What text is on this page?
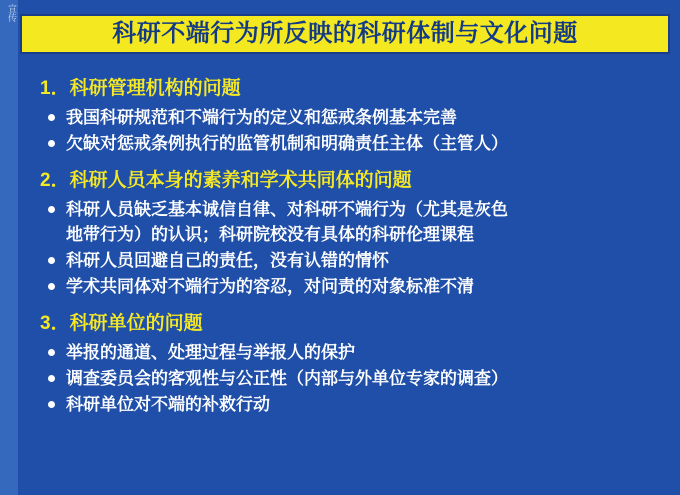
宣传
科研不端行为所反映的科研体制与文化问题
1．科研管理机构的问题
我国科研规范和不端行为的定义和惩戒条例基本完善
欠缺对惩戒条例执行的监管机制和明确责任主体（主管人）
2．科研人员本身的素养和学术共同体的问题
科研人员缺乏基本诚信自律、对科研不端行为（尤其是灰色
地带行为）的认识；科研院校没有具体的科研伦理课程
科研人员回避自己的责任，没有认错的情怀
学术共同体对不端行为的容忍，对问责的对象标准不清
3．科研单位的问题
举报的通道、处理过程与举报人的保护
调查委员会的客观性与公正性（内部与外单位专家的调查）
科研单位对不端的补救行动
